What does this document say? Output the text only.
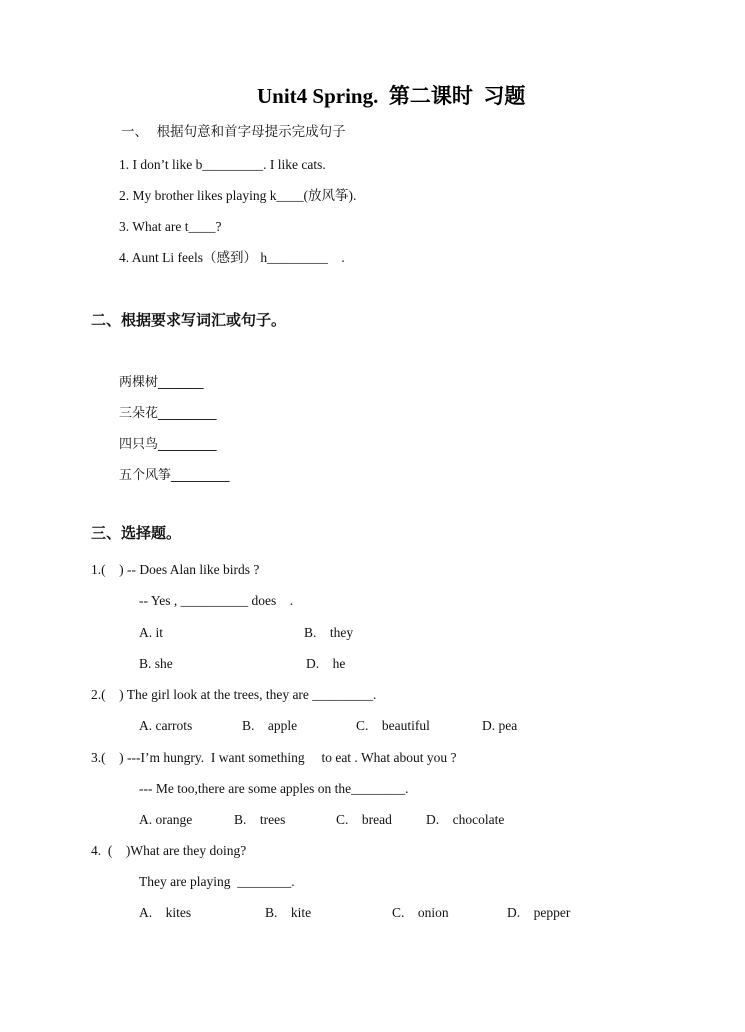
Unit4 Spring.  第二课时  习题
一、  根据句意和首字母提示完成句子
1. I don’t like b_________. I like cats.
2. My brother likes playing k____(放风筝).
3. What are t____?
4. Aunt Li feels（感到） h_________    .
二、根据要求写词汇或句子。
两棵树_______
三朵花_________
四只鸟_________
五个风筝_________
三、选择题。
1.(    ) -- Does Alan like birds ?
-- Yes , __________ does    .
A. it	B.    they
B. she	D.    he
2.(    ) The girl look at the trees, they are _________.
A. carrots	B.    apple	C.    beautiful	D. pea
3.(    ) ---I’m hungry.  I want something     to eat . What about you ?
--- Me too,there are some apples on the________.
A. orange	B.    trees	C.    bread	D.    chocolate
4.  (    )What are they doing?
They are playing  ________.
A.    kites	B.    kite	C.    onion	D.    pepper
